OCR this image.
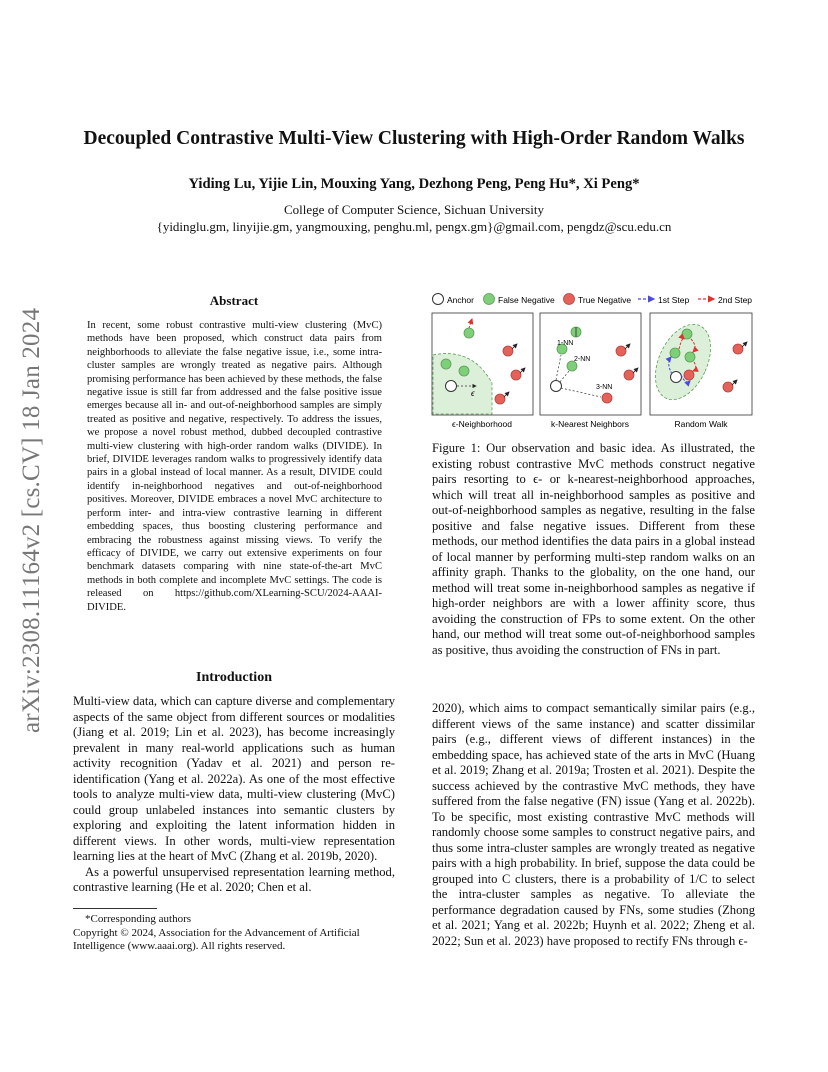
arXiv:2308.11164v2 [cs.CV] 18 Jan 2024
Decoupled Contrastive Multi-View Clustering with High-Order Random Walks
Yiding Lu, Yijie Lin, Mouxing Yang, Dezhong Peng, Peng Hu*, Xi Peng*
College of Computer Science, Sichuan University
{yidinglu.gm, linyijie.gm, yangmouxing, penghu.ml, pengx.gm}@gmail.com, pengdz@scu.edu.cn
Abstract
In recent, some robust contrastive multi-view clustering (MvC) methods have been proposed, which construct data pairs from neighborhoods to alleviate the false negative issue, i.e., some intra-cluster samples are wrongly treated as negative pairs. Although promising performance has been achieved by these methods, the false negative issue is still far from addressed and the false positive issue emerges because all in- and out-of-neighborhood samples are simply treated as positive and negative, respectively. To address the issues, we propose a novel robust method, dubbed decoupled contrastive multi-view clustering with high-order random walks (DIVIDE). In brief, DIVIDE leverages random walks to progressively identify data pairs in a global instead of local manner. As a result, DIVIDE could identify in-neighborhood negatives and out-of-neighborhood positives. Moreover, DIVIDE embraces a novel MvC architecture to perform inter- and intra-view contrastive learning in different embedding spaces, thus boosting clustering performance and embracing the robustness against missing views. To verify the efficacy of DIVIDE, we carry out extensive experiments on four benchmark datasets comparing with nine state-of-the-art MvC methods in both complete and incomplete MvC settings. The code is released on https://github.com/XLearning-SCU/2024-AAAI-DIVIDE.
Introduction

Multi-view data, which can capture diverse and complementary aspects of the same object from different sources or modalities (Jiang et al. 2019; Lin et al. 2023), has become increasingly prevalent in many real-world applications such as human activity recognition (Yadav et al. 2021) and person re-identification (Yang et al. 2022a). As one of the most effective tools to analyze multi-view data, multi-view clustering (MvC) could group unlabeled instances into semantic clusters by exploring and exploiting the latent information hidden in different views. In other words, multi-view representation learning lies at the heart of MvC (Zhang et al. 2019b, 2020).

As a powerful unsupervised representation learning method, contrastive learning (He et al. 2020; Chen et al.

*Corresponding authors
Copyright © 2024, Association for the Advancement of Artificial Intelligence (www.aaai.org). All rights reserved.
Anchor	False Negative	True Negative	1st Step	2nd Step
ϵ
ϵ-Neighborhood
1-NN
2-NN
3-NN
k-Nearest Neighbors	Random Walk
Figure 1: Our observation and basic idea. As illustrated, the existing robust contrastive MvC methods construct negative pairs resorting to ϵ- or k-nearest-neighborhood approaches, which will treat all in-neighborhood samples as positive and out-of-neighborhood samples as negative, resulting in the false positive and false negative issues. Different from these methods, our method identifies the data pairs in a global instead of local manner by performing multi-step random walks on an affinity graph. Thanks to the globality, on the one hand, our method will treat some in-neighborhood samples as negative if high-order neighbors are with a lower affinity score, thus avoiding the construction of FPs to some extent. On the other hand, our method will treat some out-of-neighborhood samples as positive, thus avoiding the construction of FNs in part.
2020), which aims to compact semantically similar pairs (e.g., different views of the same instance) and scatter dissimilar pairs (e.g., different views of different instances) in the embedding space, has achieved state of the arts in MvC (Huang et al. 2019; Zhang et al. 2019a; Trosten et al. 2021). Despite the success achieved by the contrastive MvC methods, they have suffered from the false negative (FN) issue (Yang et al. 2022b). To be specific, most existing contrastive MvC methods will randomly choose some samples to construct negative pairs, and thus some intra-cluster samples are wrongly treated as negative pairs with a high probability. In brief, suppose the data could be grouped into C clusters, there is a probability of 1/C to select the intra-cluster samples as negative. To alleviate the performance degradation caused by FNs, some studies (Zhong et al. 2021; Yang et al. 2022b; Huynh et al. 2022; Zheng et al. 2022; Sun et al. 2023) have proposed to rectify FNs through ϵ-
